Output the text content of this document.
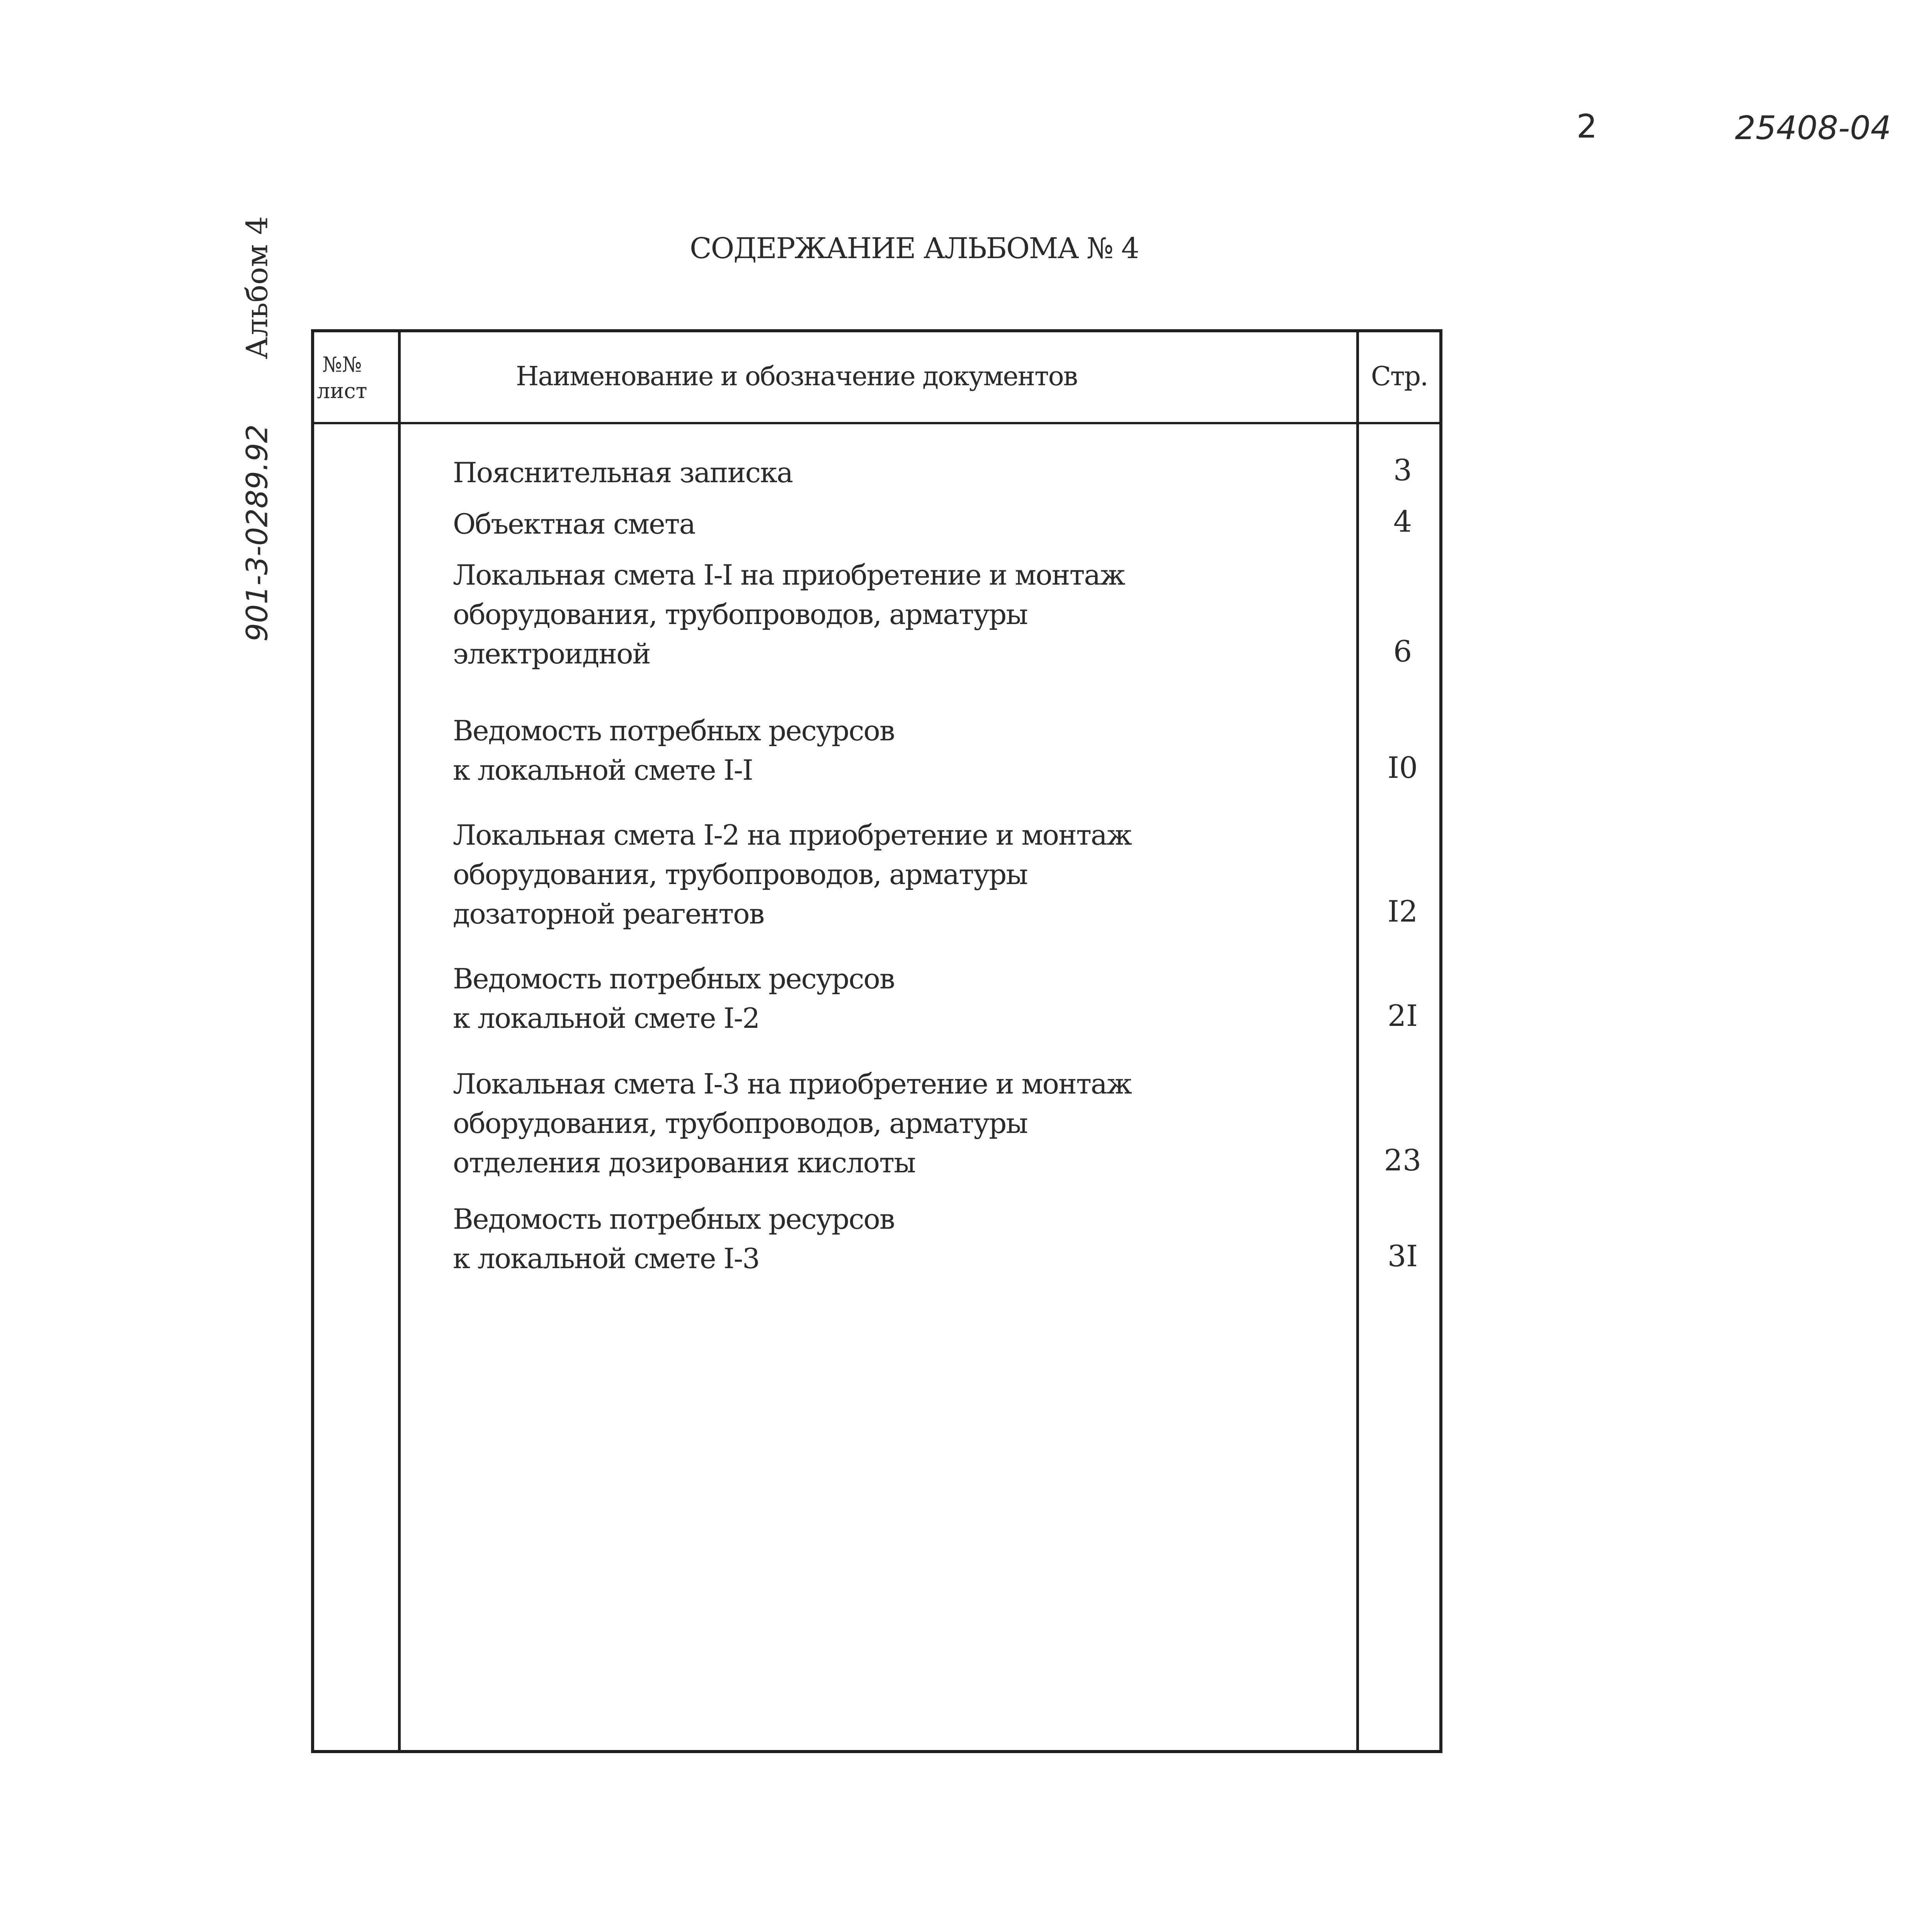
2	25408-04
901-3-0289.92  Альбом 4	СОДЕРЖАНИЕ АЛЬБОМА № 4
№№
лист	Наименование и обозначение документов	Стр.
Пояснительная записка	3
Объектная смета	4
Локальная смета I-I на приобретение и монтаж
оборудования, трубопроводов, арматуры
электроидной	6
Ведомость потребных ресурсов
к локальной смете I-I	I0
Локальная смета I-2 на приобретение и монтаж
оборудования, трубопроводов, арматуры
дозаторной реагентов	I2
Ведомость потребных ресурсов
к локальной смете I-2	2I
Локальная смета I-3 на приобретение и монтаж
оборудования, трубопроводов, арматуры
отделения дозирования кислоты	23
Ведомость потребных ресурсов
к локальной смете I-3	3I
